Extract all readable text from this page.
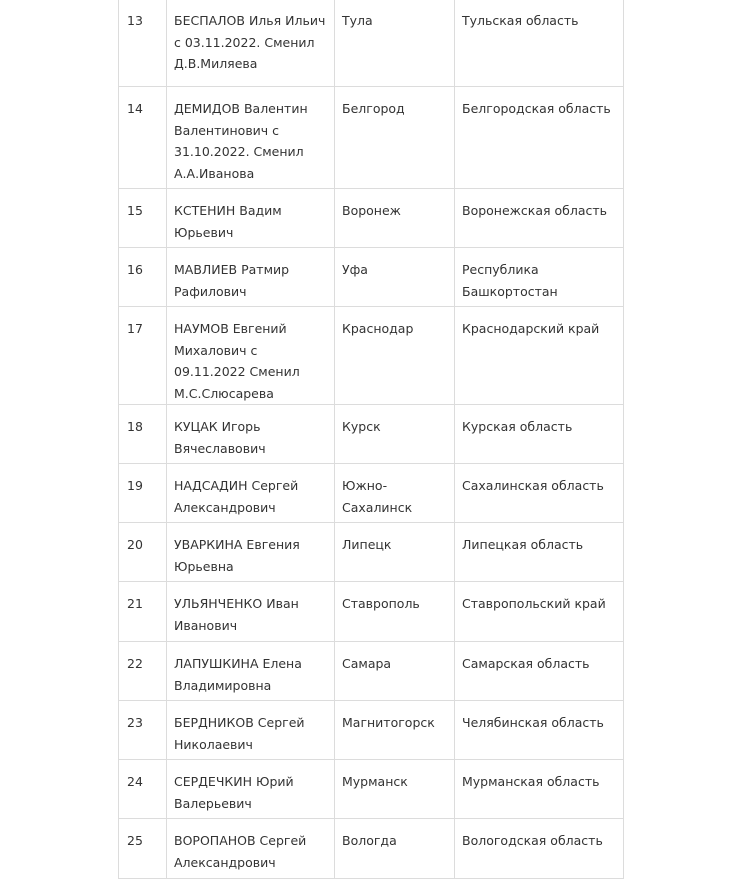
13	БЕСПАЛОВ Илья Ильич с 03.11.2022. Сменил Д.В.Миляева	Тула	Тульская область
14	ДЕМИДОВ Валентин Валентинович с 31.10.2022. Сменил А.А.Иванова	Белгород	Белгородская область
15	КСТЕНИН Вадим Юрьевич	Воронеж	Воронежская область
16	МАВЛИЕВ Ратмир Рафилович	Уфа	Республика Башкортостан
17	НАУМОВ Евгений Михалович с 09.11.2022 Сменил М.С.Слюсарева	Краснодар	Краснодарский край
18	КУЦАК Игорь Вячеславович	Курск	Курская область
19	НАДСАДИН Сергей Александрович	Южно-Сахалинск	Сахалинская область
20	УВАРКИНА Евгения Юрьевна	Липецк	Липецкая область
21	УЛЬЯНЧЕНКО Иван Иванович	Ставрополь	Ставропольский край
22	ЛАПУШКИНА Елена Владимировна	Самара	Самарская область
23	БЕРДНИКОВ Сергей Николаевич	Магнитогорск	Челябинская область
24	СЕРДЕЧКИН Юрий Валерьевич	Мурманск	Мурманская область
25	ВОРОПАНОВ Сергей Александрович	Вологда	Вологодская область
